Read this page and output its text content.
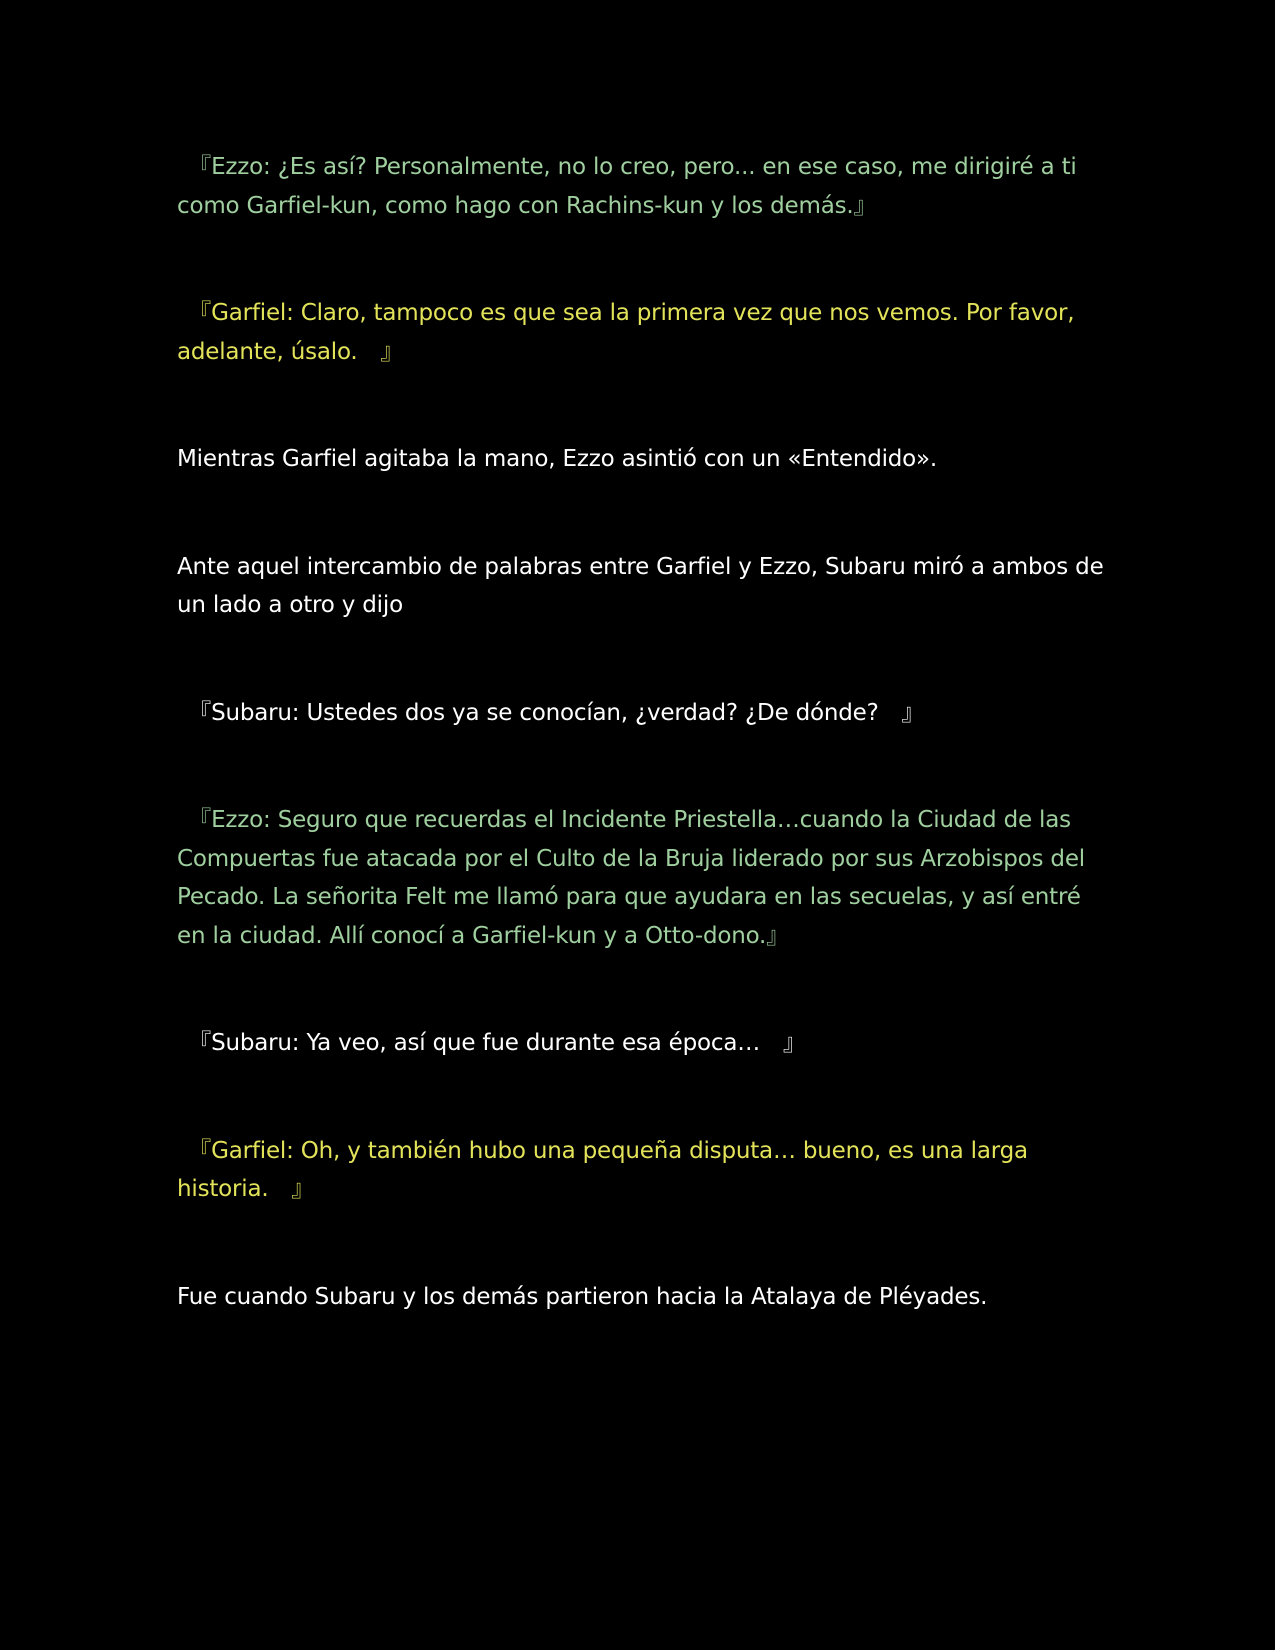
　『Ezzo: ¿Es así? Personalmente, no lo creo, pero... en ese caso, me dirigiré a ti como Garfiel-kun, como hago con Rachins-kun y los demás.』

　『Garfiel: Claro, tampoco es que sea la primera vez que nos vemos. Por favor, adelante, úsalo.　』

Mientras Garfiel agitaba la mano, Ezzo asintió con un «Entendido».

Ante aquel intercambio de palabras entre Garfiel y Ezzo, Subaru miró a ambos de un lado a otro y dijo

　『Subaru: Ustedes dos ya se conocían, ¿verdad? ¿De dónde?　』

　『Ezzo: Seguro que recuerdas el Incidente Priestella…cuando la Ciudad de las Compuertas fue atacada por el Culto de la Bruja liderado por sus Arzobispos del Pecado. La señorita Felt me llamó para que ayudara en las secuelas, y así entré en la ciudad. Allí conocí a Garfiel-kun y a Otto-dono.』

　『Subaru: Ya veo, así que fue durante esa época…　』

　『Garfiel: Oh, y también hubo una pequeña disputa… bueno, es una larga historia.　』

Fue cuando Subaru y los demás partieron hacia la Atalaya de Pléyades.
